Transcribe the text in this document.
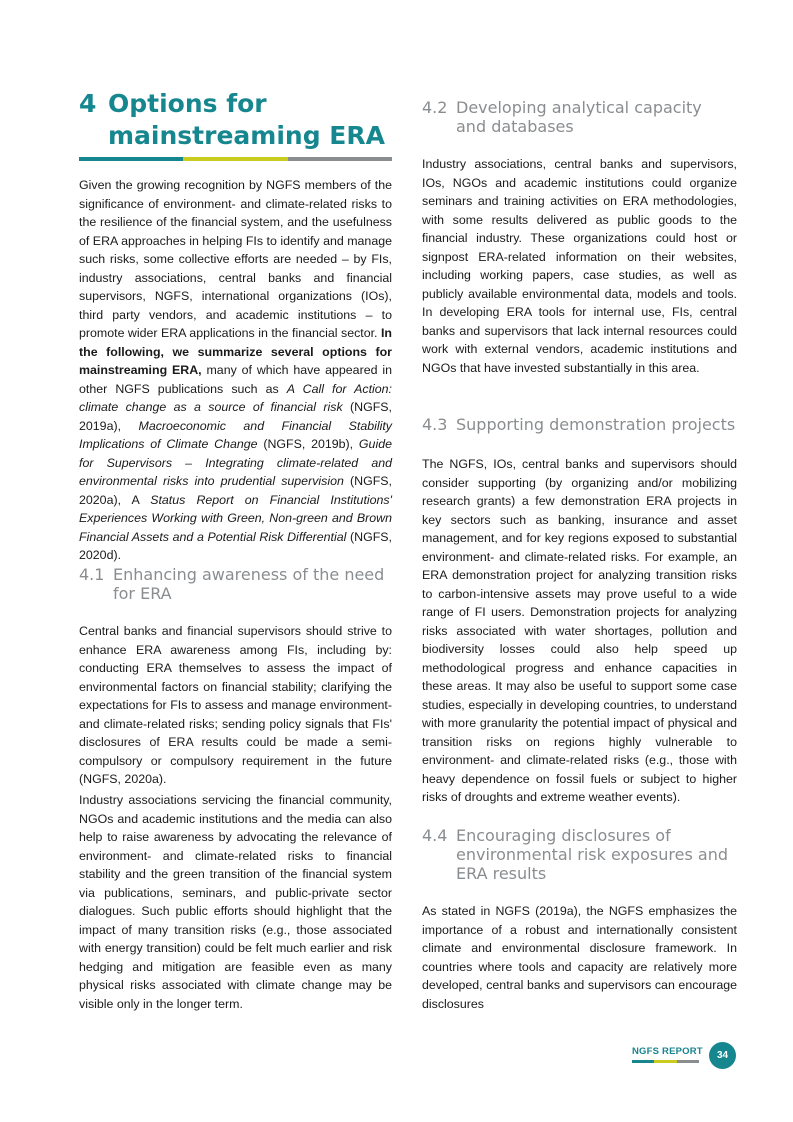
4 Options for
mainstreaming ERA

Given the growing recognition by NGFS members of the significance of environment- and climate-related risks to the resilience of the financial system, and the usefulness of ERA approaches in helping FIs to identify and manage such risks, some collective efforts are needed – by FIs, industry associations, central banks and financial supervisors, NGFS, international organizations (IOs), third party vendors, and academic institutions – to promote wider ERA applications in the financial sector. In the following, we summarize several options for mainstreaming ERA, many of which have appeared in other NGFS publications such as A Call for Action: climate change as a source of financial risk (NGFS, 2019a), Macroeconomic and Financial Stability Implications of Climate Change (NGFS, 2019b), Guide for Supervisors – Integrating climate-related and environmental risks into prudential supervision (NGFS, 2020a), A Status Report on Financial Institutions' Experiences Working with Green, Non-green and Brown Financial Assets and a Potential Risk Differential (NGFS, 2020d).

4.1 Enhancing awareness of the need
for ERA

Central banks and financial supervisors should strive to enhance ERA awareness among FIs, including by: conducting ERA themselves to assess the impact of environmental factors on financial stability; clarifying the expectations for FIs to assess and manage environment- and climate-related risks; sending policy signals that FIs' disclosures of ERA results could be made a semi-compulsory or compulsory requirement in the future (NGFS, 2020a).

Industry associations servicing the financial community, NGOs and academic institutions and the media can also help to raise awareness by advocating the relevance of environment- and climate-related risks to financial stability and the green transition of the financial system via publications, seminars, and public-private sector dialogues. Such public efforts should highlight that the impact of many transition risks (e.g., those associated with energy transition) could be felt much earlier and risk hedging and mitigation are feasible even as many physical risks associated with climate change may be visible only in the longer term.

4.2 Developing analytical capacity
and databases

Industry associations, central banks and supervisors, IOs, NGOs and academic institutions could organize seminars and training activities on ERA methodologies, with some results delivered as public goods to the financial industry. These organizations could host or signpost ERA-related information on their websites, including working papers, case studies, as well as publicly available environmental data, models and tools. In developing ERA tools for internal use, FIs, central banks and supervisors that lack internal resources could work with external vendors, academic institutions and NGOs that have invested substantially in this area.

4.3 Supporting demonstration projects

The NGFS, IOs, central banks and supervisors should consider supporting (by organizing and/or mobilizing research grants) a few demonstration ERA projects in key sectors such as banking, insurance and asset management, and for key regions exposed to substantial environment- and climate-related risks. For example, an ERA demonstration project for analyzing transition risks to carbon-intensive assets may prove useful to a wide range of FI users. Demonstration projects for analyzing risks associated with water shortages, pollution and biodiversity losses could also help speed up methodological progress and enhance capacities in these areas. It may also be useful to support some case studies, especially in developing countries, to understand with more granularity the potential impact of physical and transition risks on regions highly vulnerable to environment- and climate-related risks (e.g., those with heavy dependence on fossil fuels or subject to higher risks of droughts and extreme weather events).

4.4 Encouraging disclosures of
environmental risk exposures and
ERA results

As stated in NGFS (2019a), the NGFS emphasizes the importance of a robust and internationally consistent climate and environmental disclosure framework. In countries where tools and capacity are relatively more developed, central banks and supervisors can encourage disclosures

NGFS REPORT	34
